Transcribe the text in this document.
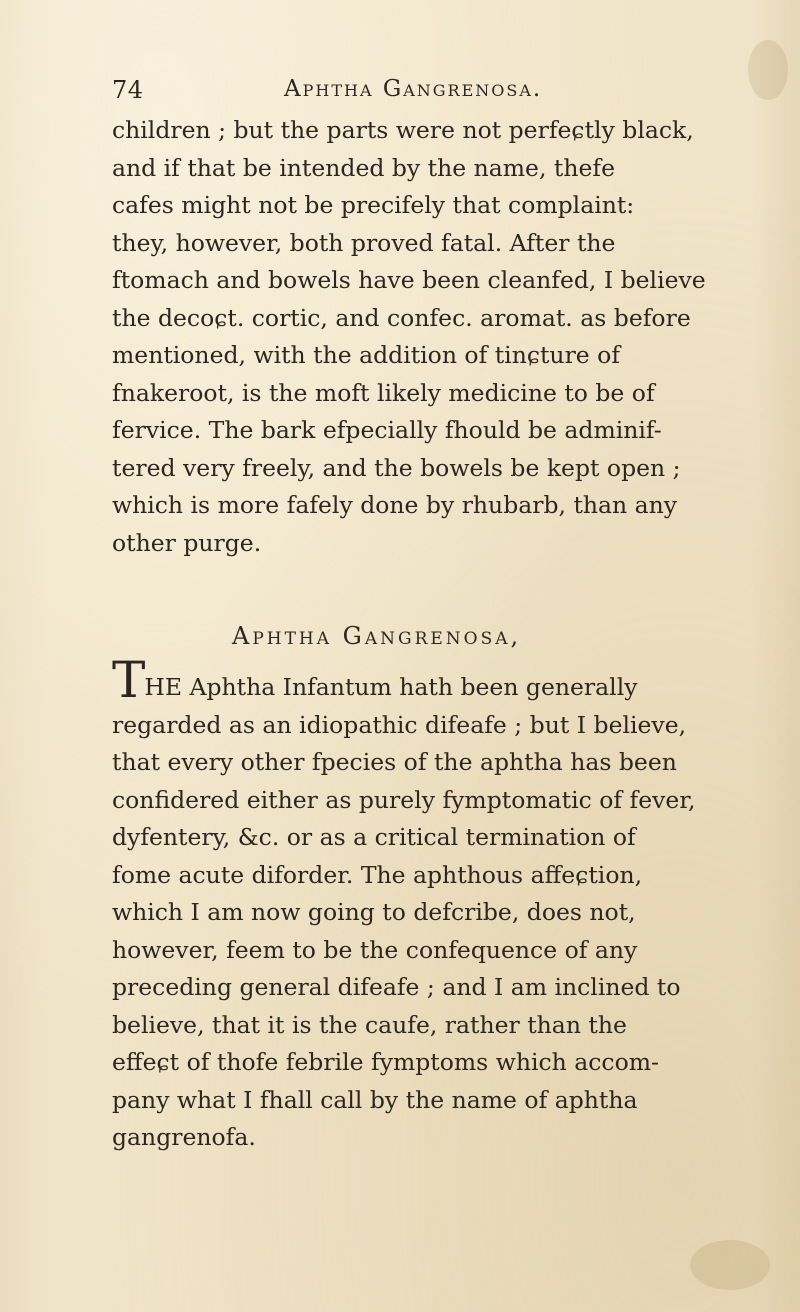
74	Aphtha Gangrenosa.
children ; but the parts were not perfeɕtly black,
and if that be intended by the name, thefe
cafes might not be precifely that complaint:
they, however, both proved fatal. After the
ftomach and bowels have been cleanfed, I believe
the decoɕt. cortic, and confec. aromat. as before
mentioned, with the addition of tinɕture of
fnakeroot, is the moft likely medicine to be of
fervice. The bark efpecially fhould be adminif-
tered very freely, and the bowels be kept open ;
which is more fafely done by rhubarb, than any
other purge.
Aphtha Gangrenosa,
THE Aphtha Infantum hath been generally
regarded as an idiopathic difeafe ; but I believe,
that every other fpecies of the aphtha has been
confidered either as purely fymptomatic of fever,
dyfentery, &c. or as a critical termination of
fome acute diforder. The aphthous affeɕtion,
which I am now going to defcribe, does not,
however, feem to be the confequence of any
preceding general difeafe ; and I am inclined to
believe, that it is the caufe, rather than the
effeɕt of thofe febrile fymptoms which accom-
pany what I fhall call by the name of aphtha
gangrenofa.
